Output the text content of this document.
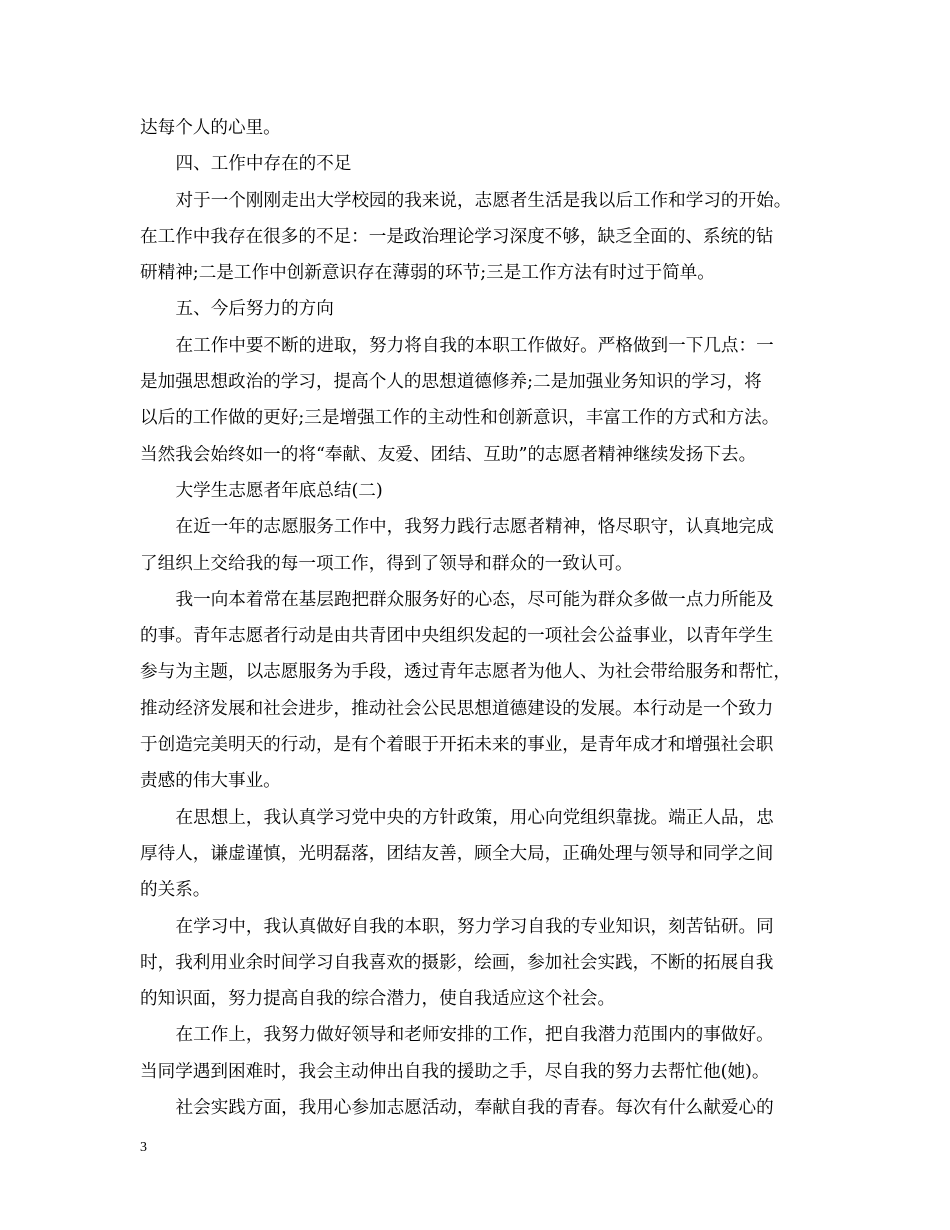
达每个人的心里。
四、工作中存在的不足
对于一个刚刚走出大学校园的我来说，志愿者生活是我以后工作和学习的开始。
在工作中我存在很多的不足：一是政治理论学习深度不够，缺乏全面的、系统的钻
研精神;二是工作中创新意识存在薄弱的环节;三是工作方法有时过于简单。
五、今后努力的方向
在工作中要不断的进取，努力将自我的本职工作做好。严格做到一下几点：一
是加强思想政治的学习，提高个人的思想道德修养;二是加强业务知识的学习，将
以后的工作做的更好;三是增强工作的主动性和创新意识，丰富工作的方式和方法。
当然我会始终如一的将“奉献、友爱、团结、互助”的志愿者精神继续发扬下去。
大学生志愿者年底总结(二)
在近一年的志愿服务工作中，我努力践行志愿者精神，恪尽职守，认真地完成
了组织上交给我的每一项工作，得到了领导和群众的一致认可。
我一向本着常在基层跑把群众服务好的心态，尽可能为群众多做一点力所能及
的事。青年志愿者行动是由共青团中央组织发起的一项社会公益事业，以青年学生
参与为主题，以志愿服务为手段，透过青年志愿者为他人、为社会带给服务和帮忙，
推动经济发展和社会进步，推动社会公民思想道德建设的发展。本行动是一个致力
于创造完美明天的行动，是有个着眼于开拓未来的事业，是青年成才和增强社会职
责感的伟大事业。
在思想上，我认真学习党中央的方针政策，用心向党组织靠拢。端正人品，忠
厚待人，谦虚谨慎，光明磊落，团结友善，顾全大局，正确处理与领导和同学之间
的关系。
在学习中，我认真做好自我的本职，努力学习自我的专业知识，刻苦钻研。同
时，我利用业余时间学习自我喜欢的摄影，绘画，参加社会实践，不断的拓展自我
的知识面，努力提高自我的综合潜力，使自我适应这个社会。
在工作上，我努力做好领导和老师安排的工作，把自我潜力范围内的事做好。
当同学遇到困难时，我会主动伸出自我的援助之手，尽自我的努力去帮忙他(她)。
社会实践方面，我用心参加志愿活动，奉献自我的青春。每次有什么献爱心的
3
